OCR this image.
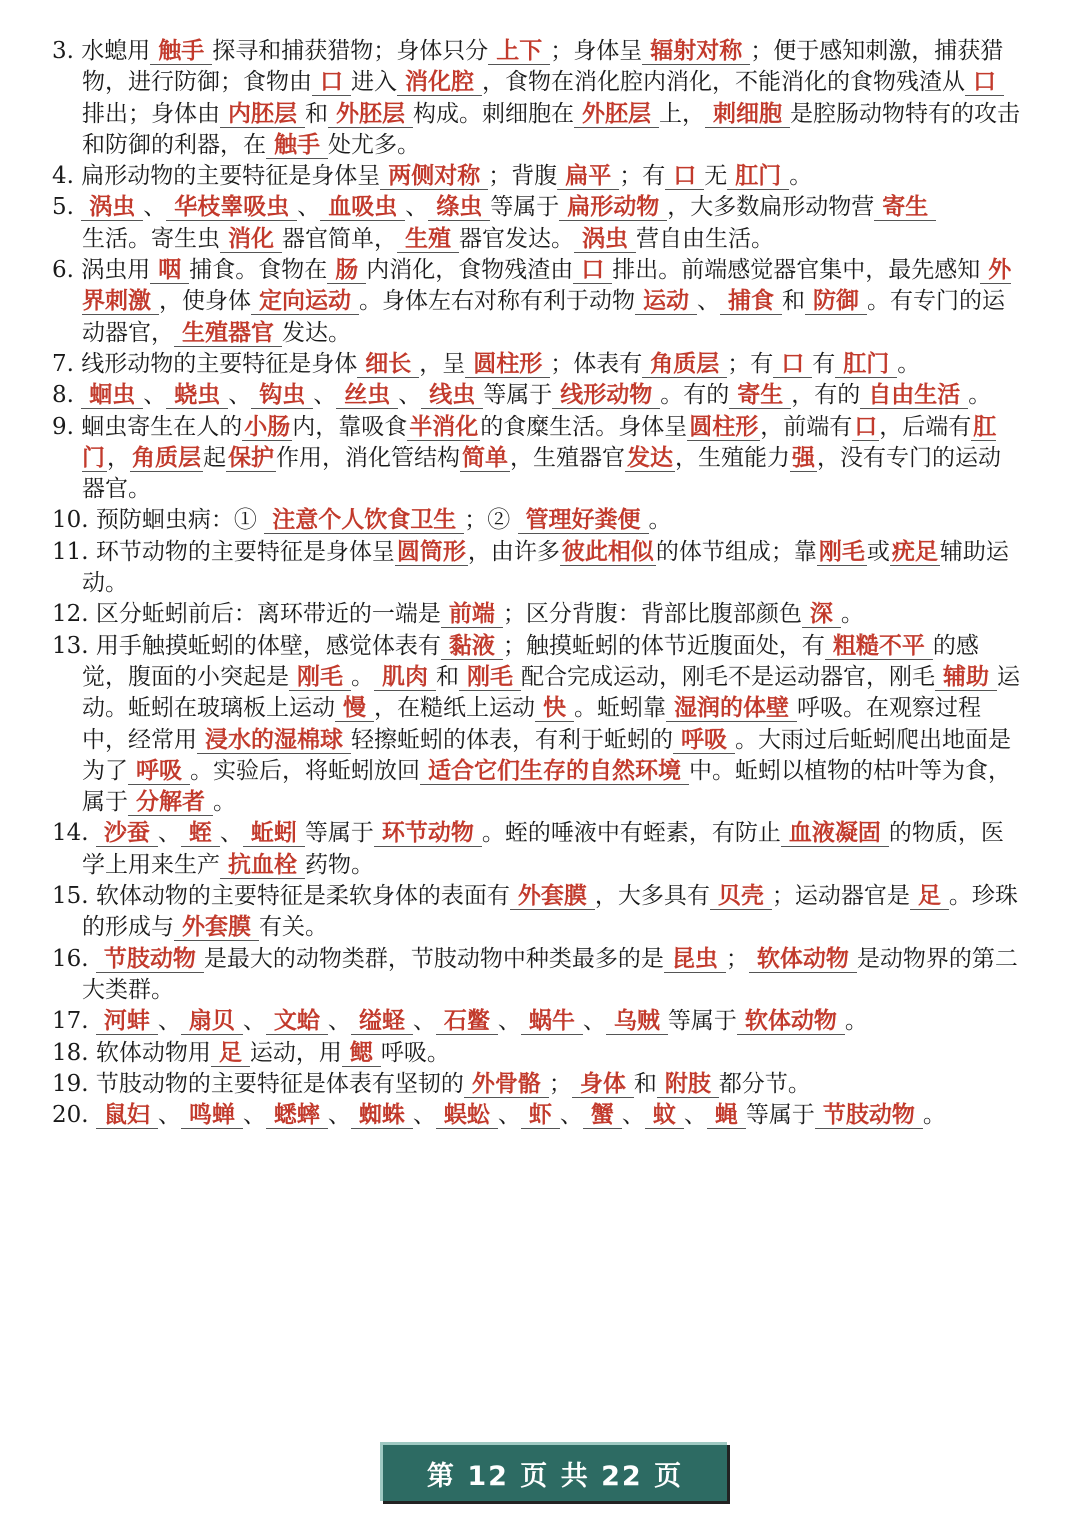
3. 水螅用 触手 探寻和捕获猎物；身体只分 上下 ；身体呈 辐射对称 ；便于感知刺激，捕获猎物，进行防御；食物由 口 进入 消化腔 ，食物在消化腔内消化，不能消化的食物残渣从 口排出；身体由 内胚层 和 外胚层 构成。刺细胞在 外胚层 上， 刺细胞 是腔肠动物特有的攻击和防御的利器，在 触手 处尤多。

4. 扁形动物的主要特征是身体呈 两侧对称 ；背腹 扁平 ；有 口 无 肛门 。

5. 涡虫 、 华枝睾吸虫 、 血吸虫 、 绦虫 等属于 扁形动物 ，大多数扁形动物营 寄生

生活。寄生虫 消化 器官简单， 生殖 器官发达。 涡虫 营自由生活。

6. 涡虫用 咽 捕食。食物在 肠 内消化，食物残渣由 口 排出。前端感觉器官集中，最先感知 外界刺激 ，使身体 定向运动 。身体左右对称有利于动物 运动 、 捕食 和 防御 。有专门的运动器官， 生殖器官 发达。

7. 线形动物的主要特征是身体 细长 ，呈 圆柱形 ；体表有 角质层 ；有 口 有 肛门 。

8. 蛔虫 、 蛲虫 、 钩虫 、 丝虫 、 线虫 等属于 线形动物 。有的 寄生 ，有的 自由生活 。

9. 蛔虫寄生在人的小肠内，靠吸食半消化的食糜生活。身体呈圆柱形，前端有口，后端有肛门，角质层起保护作用，消化管结构简单，生殖器官发达，生殖能力强，没有专门的运动器官。

10. 预防蛔虫病：① 注意个人饮食卫生 ；② 管理好粪便 。

11. 环节动物的主要特征是身体呈圆筒形，由许多彼此相似的体节组成；靠刚毛或疣足辅助运动。

12. 区分蚯蚓前后：离环带近的一端是 前端 ；区分背腹：背部比腹部颜色 深 。

13. 用手触摸蚯蚓的体壁，感觉体表有 黏液 ；触摸蚯蚓的体节近腹面处，有 粗糙不平 的感觉，腹面的小突起是 刚毛 。 肌肉 和 刚毛 配合完成运动，刚毛不是运动器官，刚毛 辅助 运动。蚯蚓在玻璃板上运动 慢 ，在糙纸上运动 快 。蚯蚓靠 湿润的体壁 呼吸。在观察过程中，经常用 浸水的湿棉球 轻擦蚯蚓的体表，有利于蚯蚓的 呼吸 。大雨过后蚯蚓爬出地面是为了 呼吸 。实验后，将蚯蚓放回 适合它们生存的自然环境 中。蚯蚓以植物的枯叶等为食，属于 分解者 。

14. 沙蚕 、 蛭 、 蚯蚓 等属于 环节动物 。蛭的唾液中有蛭素，有防止 血液凝固 的物质，医学上用来生产 抗血栓 药物。

15. 软体动物的主要特征是柔软身体的表面有 外套膜 ，大多具有 贝壳 ；运动器官是 足 。珍珠的形成与 外套膜 有关。

16. 节肢动物 是最大的动物类群，节肢动物中种类最多的是 昆虫 ； 软体动物 是动物界的第二大类群。

17. 河蚌 、 扇贝 、 文蛤 、 缢蛏 、 石鳖 、 蜗牛 、 乌贼 等属于 软体动物 。

18. 软体动物用 足 运动，用 鳃 呼吸。

19. 节肢动物的主要特征是体表有坚韧的 外骨骼 ； 身体 和 附肢 都分节。

20. 鼠妇 、 鸣蝉 、 蟋蟀 、 蜘蛛 、 蜈蚣 、 虾 、 蟹 、 蚊 、 蝇 等属于 节肢动物 。

第 12 页 共 22 页
